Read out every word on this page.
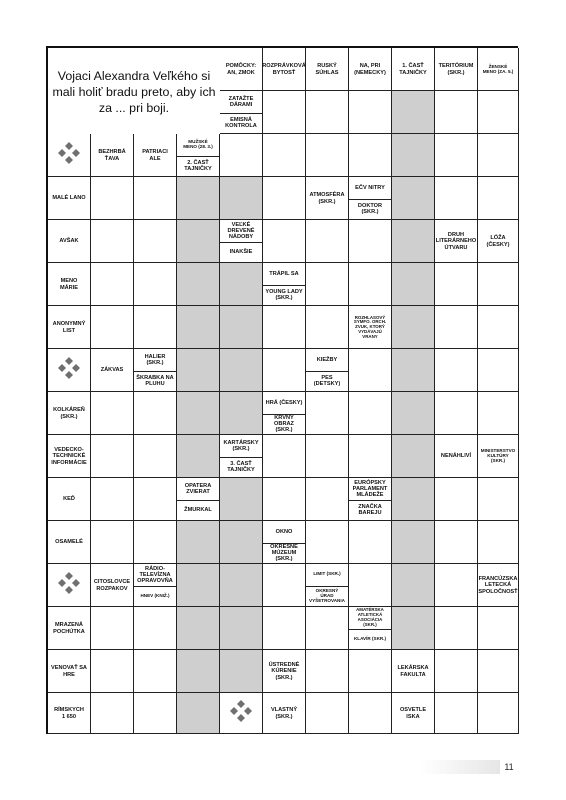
Vojaci Alexandra Veľkého si
mali holiť bradu preto, aby ich
za ... pri boji.
POMÔCKY:
AN, ZMOK
ROZPRÁVKOVÁ
BYTOSŤ
RUSKÝ
SÚHLAS
NA, PRI
(NEMECKY)
1. ČASŤ
TAJNIČKY
TERITÓRIUM
(SKR.)
ŽENSKÉ
MENO (ZA. 5.)
ZATAŽTE
DÁRAMI
EMISNÁ
KONTROLA
BEZHRBÁ
ŤAVA
PATRIACI
ALE
MUŽSKÉ
MENO (28. 3.)
2. ČASŤ
TAJNIČKY
MALÉ LANO
ATMOSFÉRA
(SKR.)
EČV NITRY
DOKTOR
(SKR.)
AVŠAK
VEĽKÉ
DREVENÉ
NÁDOBY
INAKŠIE
DRUH
LITERÁRNEHO
ÚTVARU
LÓŽA
(ČESKY)
MENO
MÁRIE
TRÁPIL SA
YOUNG LADY
(SKR.)
ANONYMNÝ
LIST
ROZHLASOVÝ
SYMFO. ORCH.
ZVUK, KTORÝ
VYDÁVAJÚ
VRANY
ZÁKVAS
HALIER
(SKR.)
ŠKRABKA NA
PLUHU
KIEŽBY
PES
(DETSKY)
KOLKÁREŇ
(SKR.)
HRÁ (ČESKY)
KRVNÝ
OBRAZ
(SKR.)
VEDECKO-
TECHNICKÉ
INFORMÁCIE
KARTÁRSKY
(SKR.)
3. ČASŤ
TAJNIČKY
NENÁHLIVÍ
MINISTERSTVO
KULTÚRY
(SKR.)
KEĎ
OPATERA
ZVIERAT
ŽMURKAL
EURÓPSKY
PARLAMENT
MLÁDEŽE
ZNAČKA
BAREJU
OSAMELÉ
OKNO
OKRESNÉ
MÚZEUM
(SKR.)
CITOSLOVCE
ROZPAKOV
RÁDIO-
TELEVÍZNA
OPRAVOVŇA
HNEV (KNIŽ.)
LIMIT (SKR.)
OKRESNÝ
ÚRAD
VYŠETROVANIA
FRANCÚZSKA
LETECKÁ
SPOLOČNOSŤ
MRAZENÁ
POCHÚTKA
AMATÉRSKA
ATLETICKÁ
ASOCIÁCIA
(SKR.)
KLAVÍR (SKR.)
VENOVAŤ SA
HRE
ÚSTREDNÉ
KÚRENIE
(SKR.)
LEKÁRSKA
FAKULTA
RÍMSKYCH
1 650
VLASTNÝ
(SKR.)
OSVETLE
ISKA
11
